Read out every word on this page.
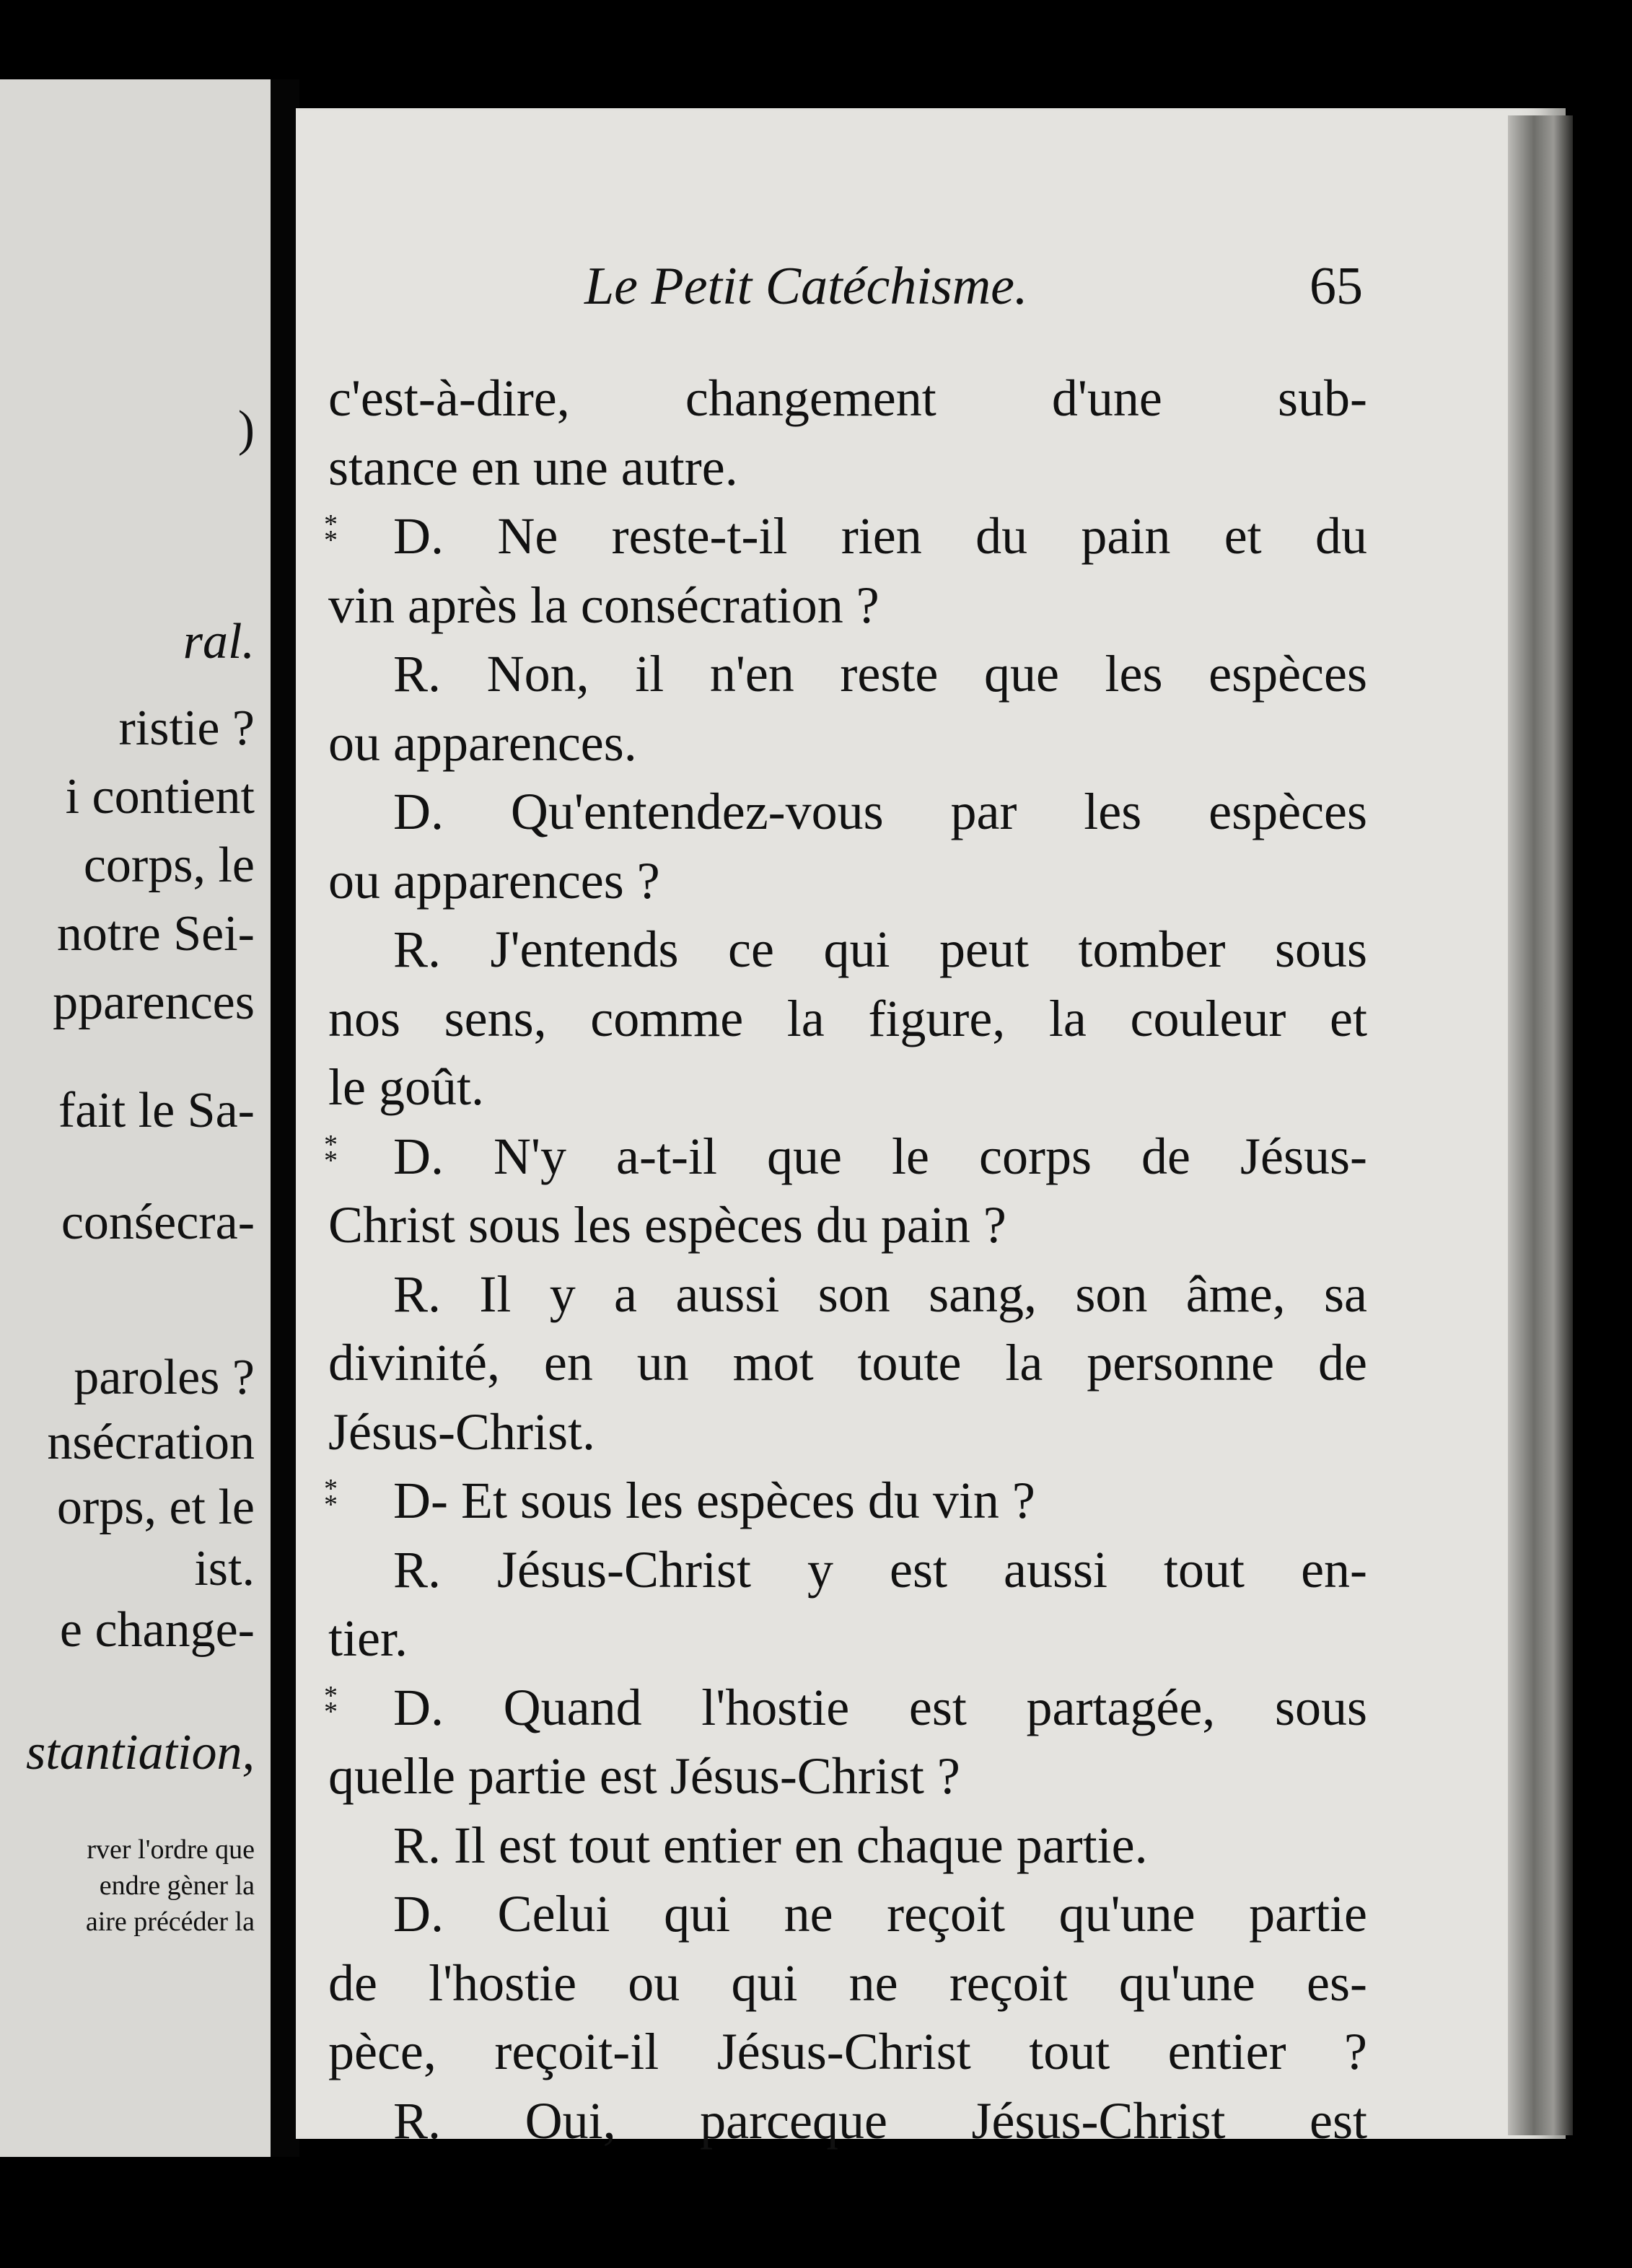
)
ral.
ristie ?
i contient
corps, le
notre Sei-
pparences
fait le Sa-
conśecra-
paroles ?
nsécration
orps, et le
ist.
e change-
stantiation,
rver l'ordre que
endre gèner la
aire précéder la
Le Petit Catéchisme.	65
c'est-à-dire, changement d'une sub-
stance en une autre.
*
* D. Ne reste-t-il rien du pain et du
vin après la consécration ?
R. Non, il n'en reste que les espèces
ou apparences.
D. Qu'entendez-vous par les espèces
ou apparences ?
R. J'entends ce qui peut tomber sous
nos sens, comme la figure, la couleur et
le goût.
*
* D. N'y a-t-il que le corps de Jésus-
Christ sous les espèces du pain ?
R. Il y a aussi son sang, son âme, sa
divinité, en un mot toute la personne de
Jésus-Christ.
*
* D- Et sous les espèces du vin ?
R. Jésus-Christ y est aussi tout en-
tier.
*
* D. Quand l'hostie est partagée, sous
quelle partie est Jésus-Christ ?
R. Il est tout entier en chaque partie.
D. Celui qui ne reçoit qu'une partie
de l'hostie ou qui ne reçoit qu'une es-
pèce, reçoit-il Jésus-Christ tout entier ?
R. Oui, parceque Jésus-Christ est
